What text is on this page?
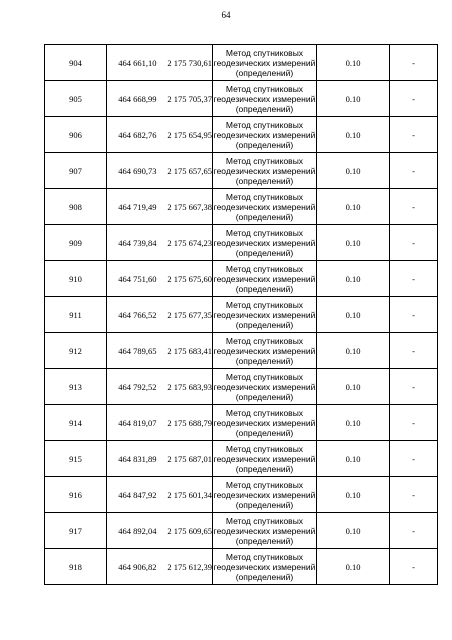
64
904	464 661,10	2 175 730,61	Метод спутниковых
геодезических измерений
(определений)	0.10	-
905	464 668,99	2 175 705,37	Метод спутниковых
геодезических измерений
(определений)	0.10	-
906	464 682,76	2 175 654,95	Метод спутниковых
геодезических измерений
(определений)	0.10	-
907	464 690,73	2 175 657,65	Метод спутниковых
геодезических измерений
(определений)	0.10	-
908	464 719,49	2 175 667,38	Метод спутниковых
геодезических измерений
(определений)	0.10	-
909	464 739,84	2 175 674,23	Метод спутниковых
геодезических измерений
(определений)	0.10	-
910	464 751,60	2 175 675,60	Метод спутниковых
геодезических измерений
(определений)	0.10	-
911	464 766,52	2 175 677,35	Метод спутниковых
геодезических измерений
(определений)	0.10	-
912	464 789,65	2 175 683,41	Метод спутниковых
геодезических измерений
(определений)	0.10	-
913	464 792,52	2 175 683,93	Метод спутниковых
геодезических измерений
(определений)	0.10	-
914	464 819,07	2 175 688,79	Метод спутниковых
геодезических измерений
(определений)	0.10	-
915	464 831,89	2 175 687,01	Метод спутниковых
геодезических измерений
(определений)	0.10	-
916	464 847,92	2 175 601,34	Метод спутниковых
геодезических измерений
(определений)	0.10	-
917	464 892,04	2 175 609,65	Метод спутниковых
геодезических измерений
(определений)	0.10	-
918	464 906,82	2 175 612,39	Метод спутниковых
геодезических измерений
(определений)	0.10	-
